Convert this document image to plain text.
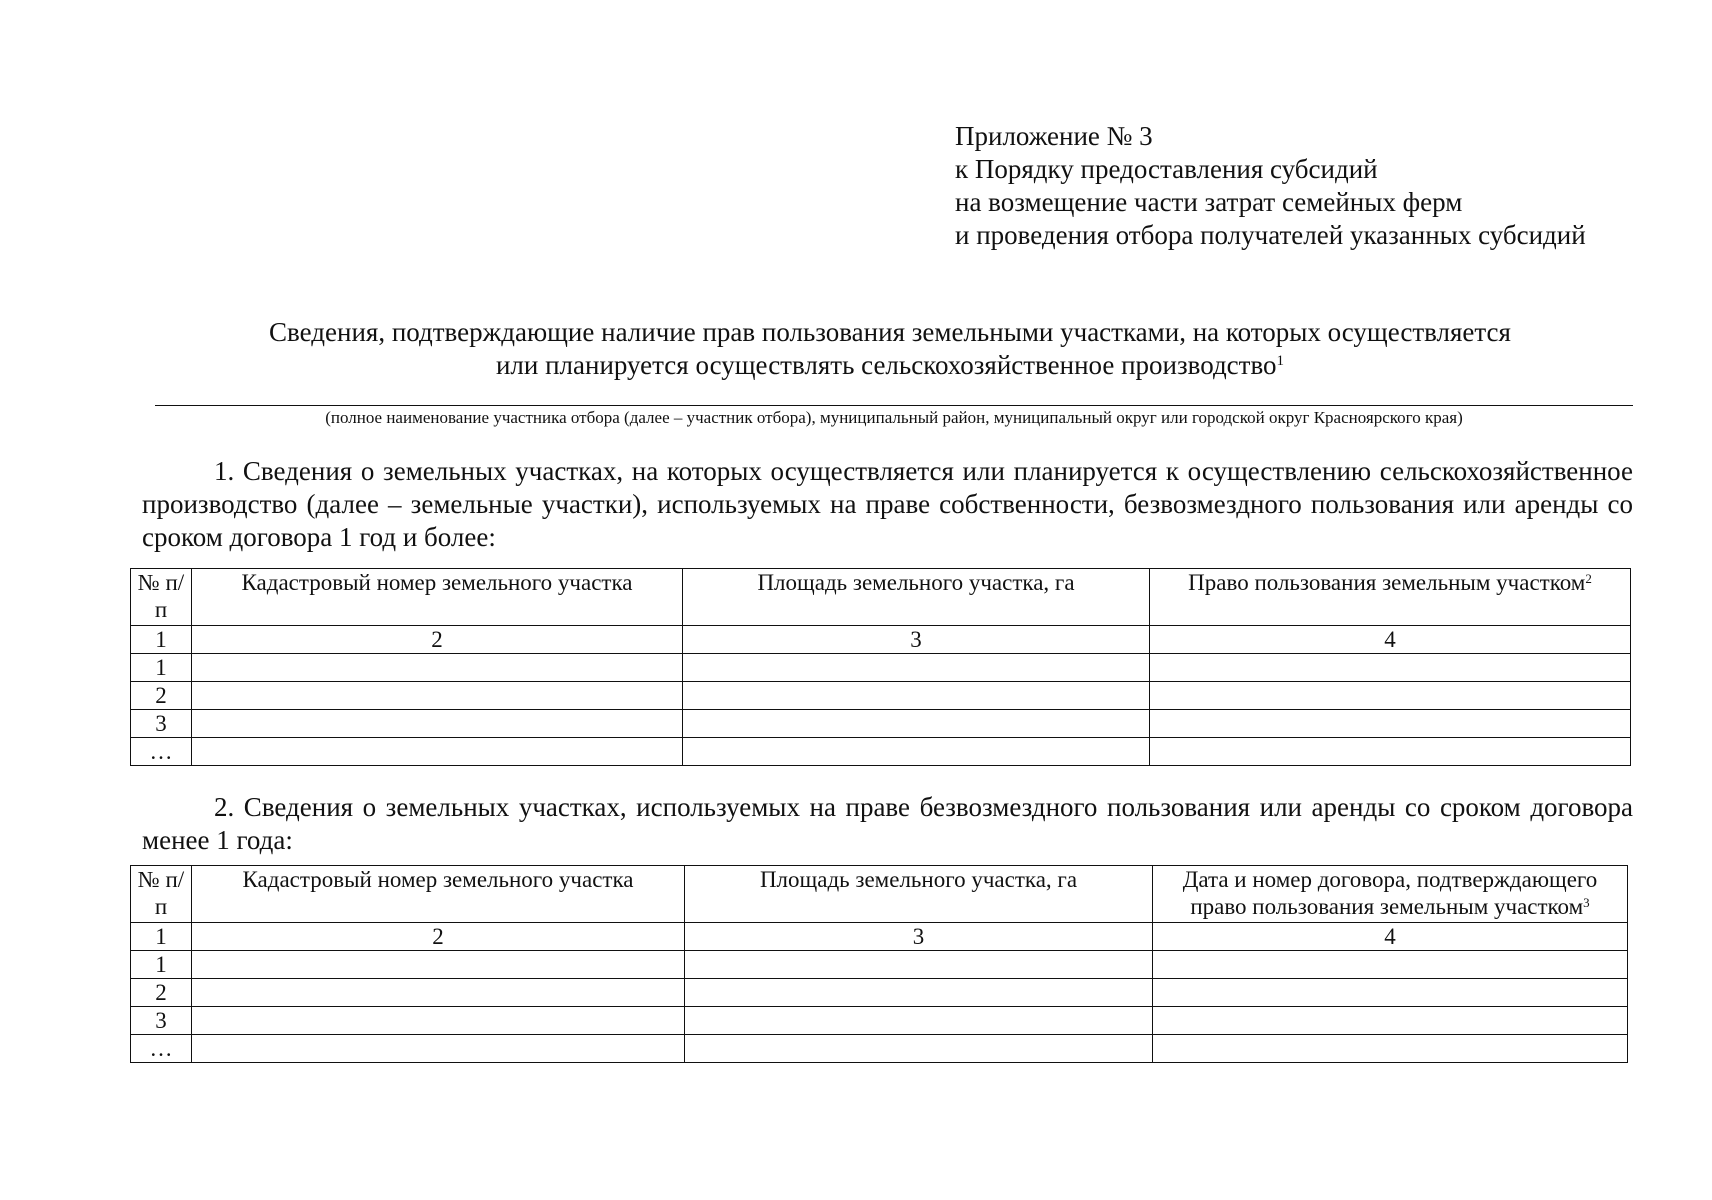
Приложение № 3
к Порядку предоставления субсидий
на возмещение части затрат семейных ферм
и проведения отбора получателей указанных субсидий
Сведения, подтверждающие наличие прав пользования земельными участками, на которых осуществляется
или планируется осуществлять сельскохозяйственное производство$^1$
(полное наименование участника отбора (далее – участник отбора), муниципальный район, муниципальный округ или городской округ Красноярского края)
1. Сведения о земельных участках, на которых осуществляется или планируется к осуществлению сельскохозяйственное производство (далее – земельные участки), используемых на праве собственности, безвозмездного пользования или аренды со сроком договора 1 год и более:
№ п/п	Кадастровый номер земельного участка	Площадь земельного участка, га	Право пользования земельным участком$^2$
1	2	3	4
1			
2			
3			
…			
2. Сведения о земельных участках, используемых на праве безвозмездного пользования или аренды со сроком договора менее 1 года:
№ п/п	Кадастровый номер земельного участка	Площадь земельного участка, га	Дата и номер договора, подтверждающего право пользования земельным участком$^3$
1	2	3	4
1			
2			
3			
…			
